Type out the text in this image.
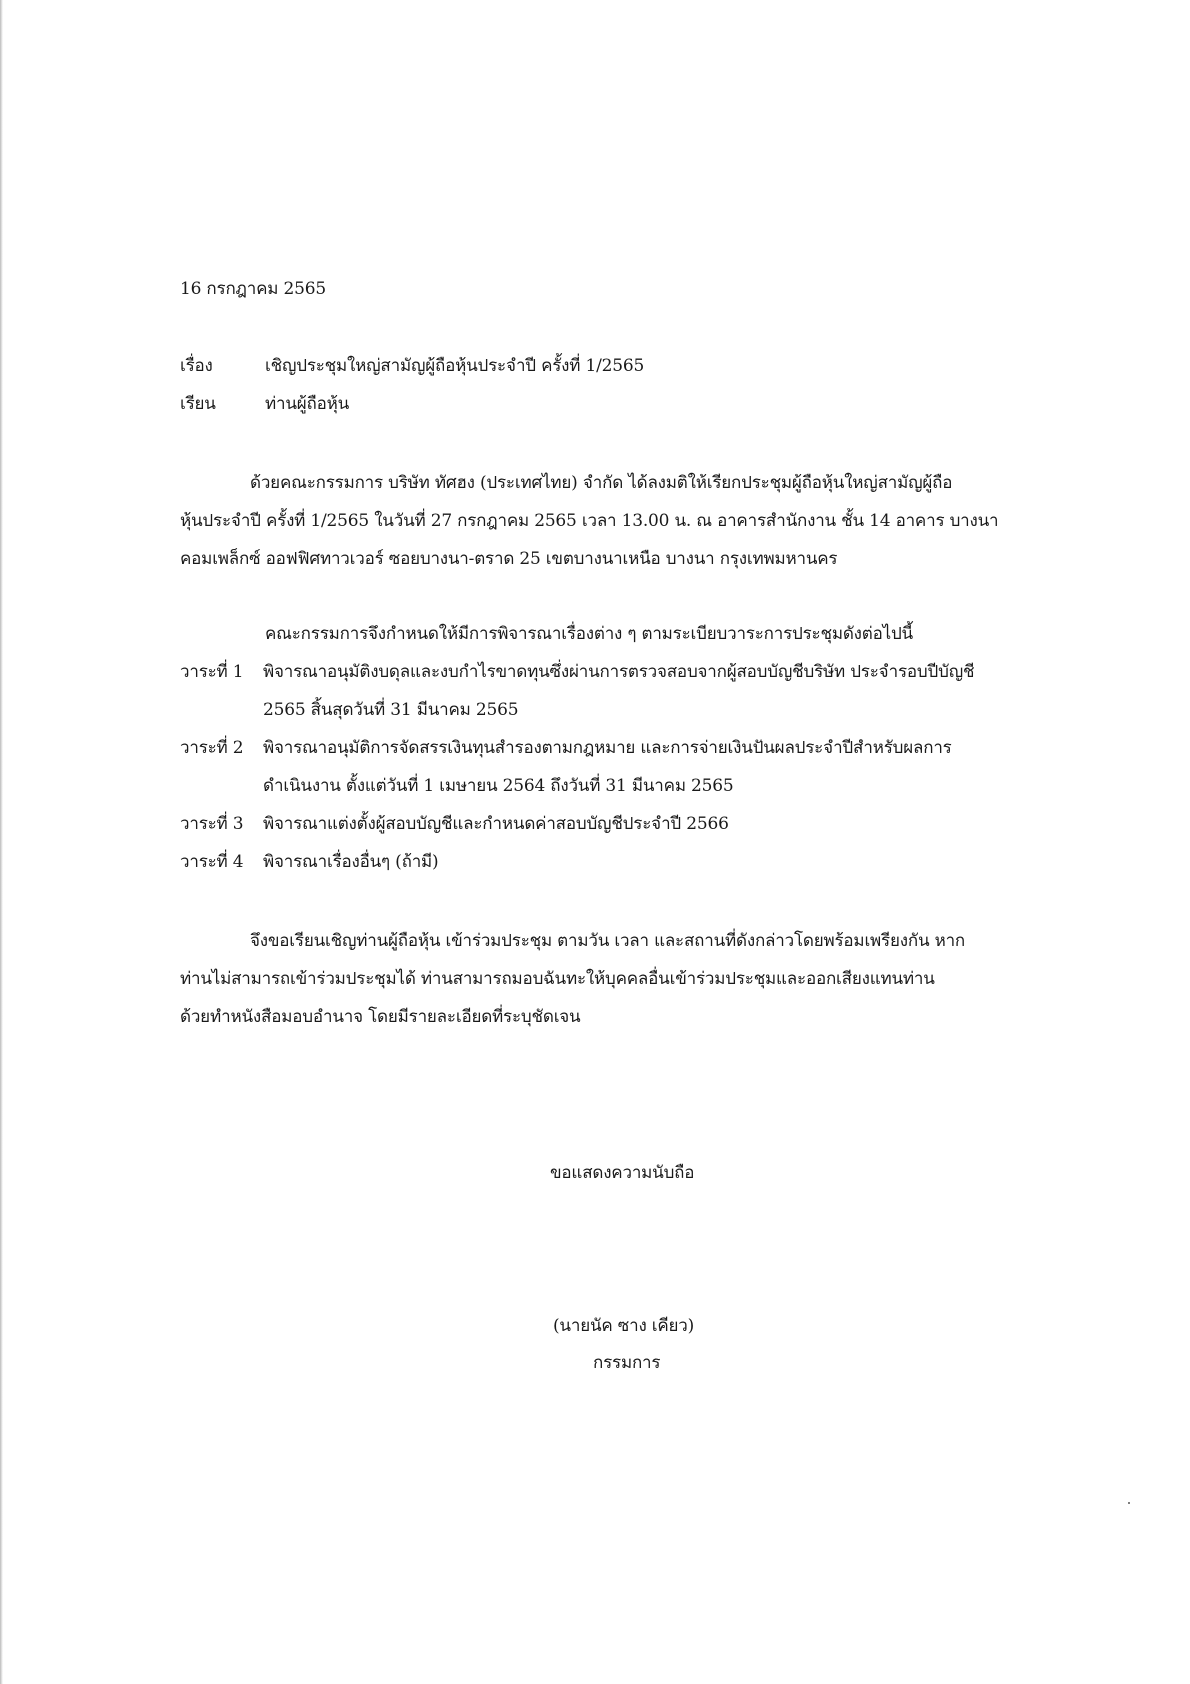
16 กรกฎาคม 2565
เรื่อง	เชิญประชุมใหญ่สามัญผู้ถือหุ้นประจำปี ครั้งที่ 1/2565
เรียน	ท่านผู้ถือหุ้น
ด้วยคณะกรรมการ บริษัท ทัศฮง (ประเทศไทย) จำกัด ได้ลงมติให้เรียกประชุมผู้ถือหุ้นใหญ่สามัญผู้ถือ
หุ้นประจำปี ครั้งที่ 1/2565 ในวันที่ 27 กรกฎาคม 2565 เวลา 13.00 น. ณ อาคารสำนักงาน ชั้น 14 อาคาร บางนา
คอมเพล็กซ์ ออฟฟิศทาวเวอร์ ซอยบางนา-ตราด 25 เขตบางนาเหนือ บางนา กรุงเทพมหานคร
คณะกรรมการจึงกำหนดให้มีการพิจารณาเรื่องต่าง ๆ ตามระเบียบวาระการประชุมดังต่อไปนี้
วาระที่ 1 พิจารณาอนุมัติงบดุลและงบกำไรขาดทุนซึ่งผ่านการตรวจสอบจากผู้สอบบัญชีบริษัท ประจำรอบปีบัญชี
2565 สิ้นสุดวันที่ 31 มีนาคม 2565
วาระที่ 2 พิจารณาอนุมัติการจัดสรรเงินทุนสำรองตามกฎหมาย และการจ่ายเงินปันผลประจำปีสำหรับผลการ
ดำเนินงาน ตั้งแต่วันที่ 1 เมษายน 2564 ถึงวันที่ 31 มีนาคม 2565
วาระที่ 3 พิจารณาแต่งตั้งผู้สอบบัญชีและกำหนดค่าสอบบัญชีประจำปี 2566
วาระที่ 4 พิจารณาเรื่องอื่นๆ (ถ้ามี)
จึงขอเรียนเชิญท่านผู้ถือหุ้น เข้าร่วมประชุม ตามวัน เวลา และสถานที่ดังกล่าวโดยพร้อมเพรียงกัน หาก
ท่านไม่สามารถเข้าร่วมประชุมได้ ท่านสามารถมอบฉันทะให้บุคคลอื่นเข้าร่วมประชุมและออกเสียงแทนท่าน
ด้วยทำหนังสือมอบอำนาจ โดยมีรายละเอียดที่ระบุชัดเจน
ขอแสดงความนับถือ
(นายนัค ซาง เคียว)
กรรมการ
